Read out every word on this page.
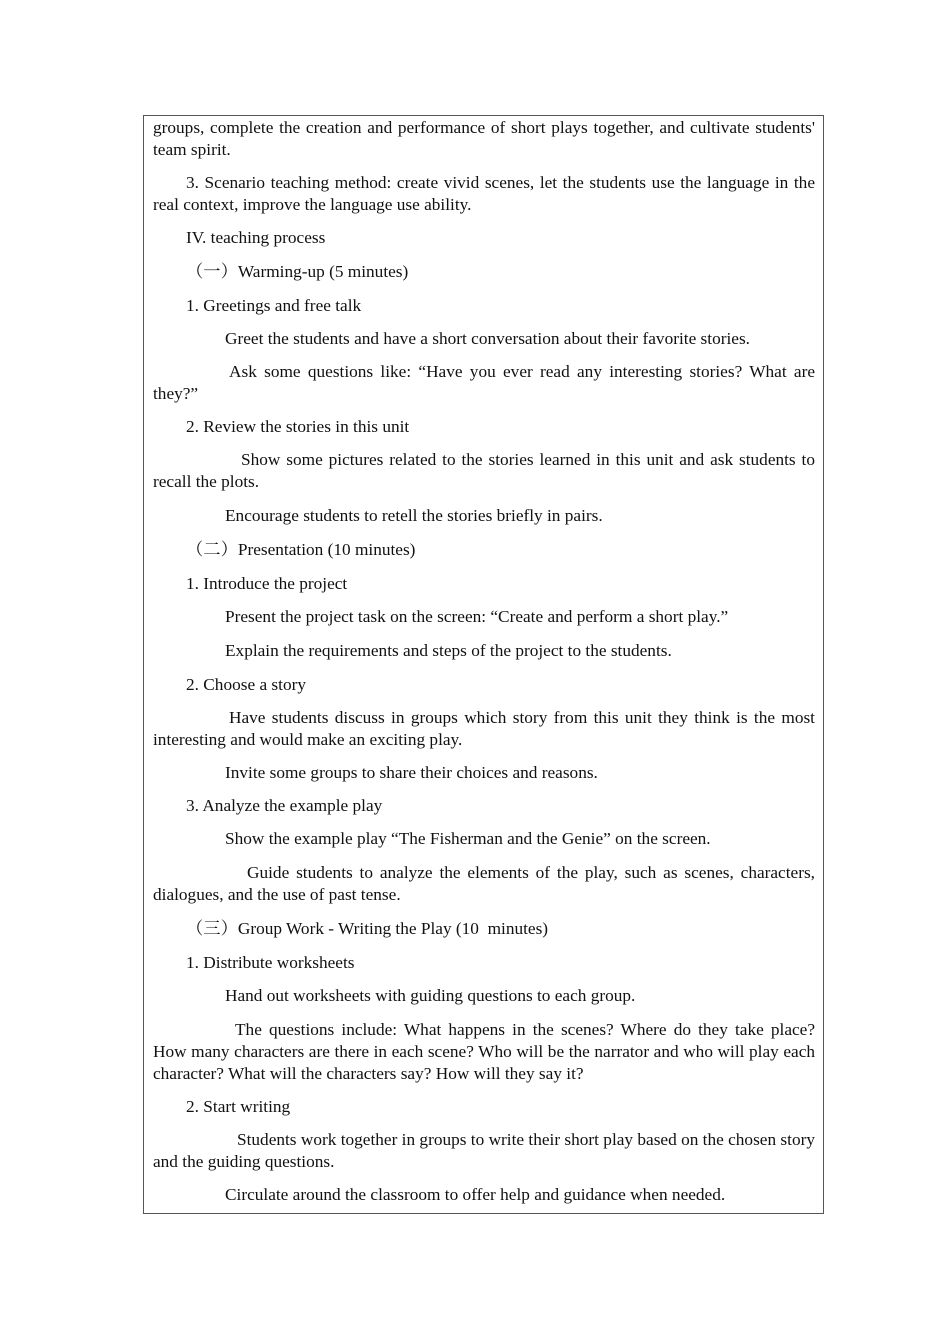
groups, complete the creation and performance of short plays together, and cultivate students' team spirit.

3. Scenario teaching method: create vivid scenes, let the students use the language in the real context, improve the language use ability.

IV. teaching process

（一）Warming-up (5 minutes)

1. Greetings and free talk

Greet the students and have a short conversation about their favorite stories.

Ask some questions like: “Have you ever read any interesting stories? What are they?”

2. Review the stories in this unit

Show some pictures related to the stories learned in this unit and ask students to recall the plots.

Encourage students to retell the stories briefly in pairs.

（二）Presentation (10 minutes)

1. Introduce the project

Present the project task on the screen: “Create and perform a short play.”

Explain the requirements and steps of the project to the students.

2. Choose a story

Have students discuss in groups which story from this unit they think is the most interesting and would make an exciting play.

Invite some groups to share their choices and reasons.

3. Analyze the example play

Show the example play “The Fisherman and the Genie” on the screen.

Guide students to analyze the elements of the play, such as scenes, characters, dialogues, and the use of past tense.

（三）Group Work - Writing the Play (10  minutes)

1. Distribute worksheets

Hand out worksheets with guiding questions to each group.

The questions include: What happens in the scenes? Where do they take place? How many characters are there in each scene? Who will be the narrator and who will play each character? What will the characters say? How will they say it?

2. Start writing

Students work together in groups to write their short play based on the chosen story and the guiding questions.

Circulate around the classroom to offer help and guidance when needed.
